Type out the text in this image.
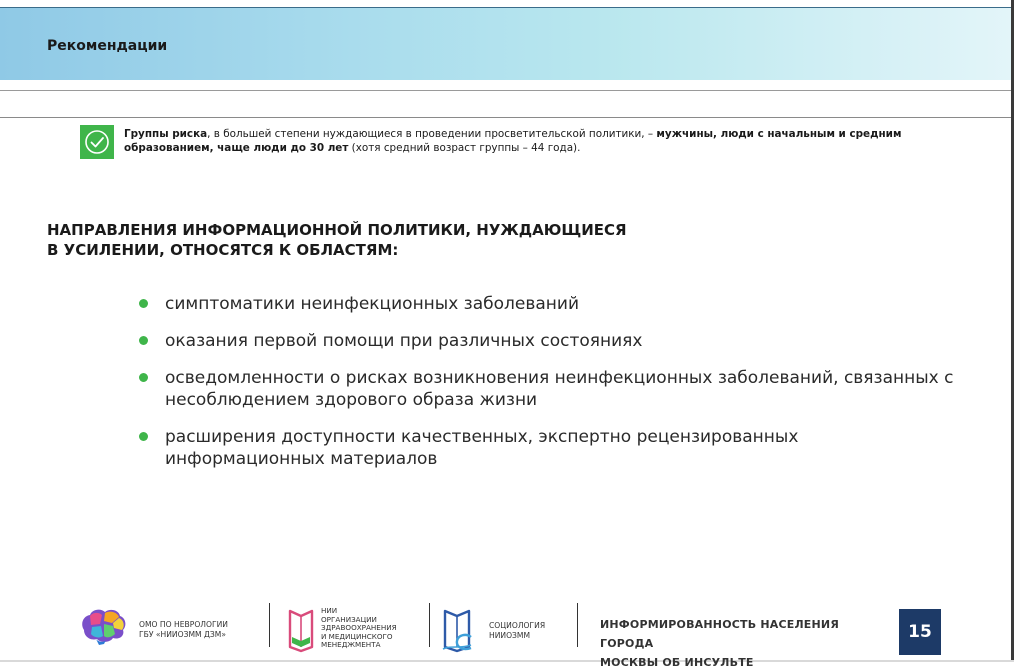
Рекомендации
Группы риска, в большей степени нуждающиеся в проведении просветительской политики, – мужчины, люди с начальным и средним образованием, чаще люди до 30 лет (хотя средний возраст группы – 44 года).
НАПРАВЛЕНИЯ ИНФОРМАЦИОННОЙ ПОЛИТИКИ, НУЖДАЮЩИЕСЯ
В УСИЛЕНИИ, ОТНОСЯТСЯ К ОБЛАСТЯМ:
симптоматики неинфекционных заболеваний
оказания первой помощи при различных состояниях
осведомленности о рисках возникновения неинфекционных заболеваний, связанных с несоблюдением здорового образа жизни
расширения доступности качественных, экспертно рецензированных информационных материалов
ОМО ПО НЕВРОЛОГИИ
ГБУ «НИИОЗММ ДЗМ»
НИИ
ОРГАНИЗАЦИИ
ЗДРАВООХРАНЕНИЯ
И МЕДИЦИНСКОГО
МЕНЕДЖМЕНТА
СОЦИОЛОГИЯ
НИИОЗММ
ИНФОРМИРОВАННОСТЬ НАСЕЛЕНИЯ ГОРОДА
МОСКВЫ ОБ ИНСУЛЬТЕ
15
